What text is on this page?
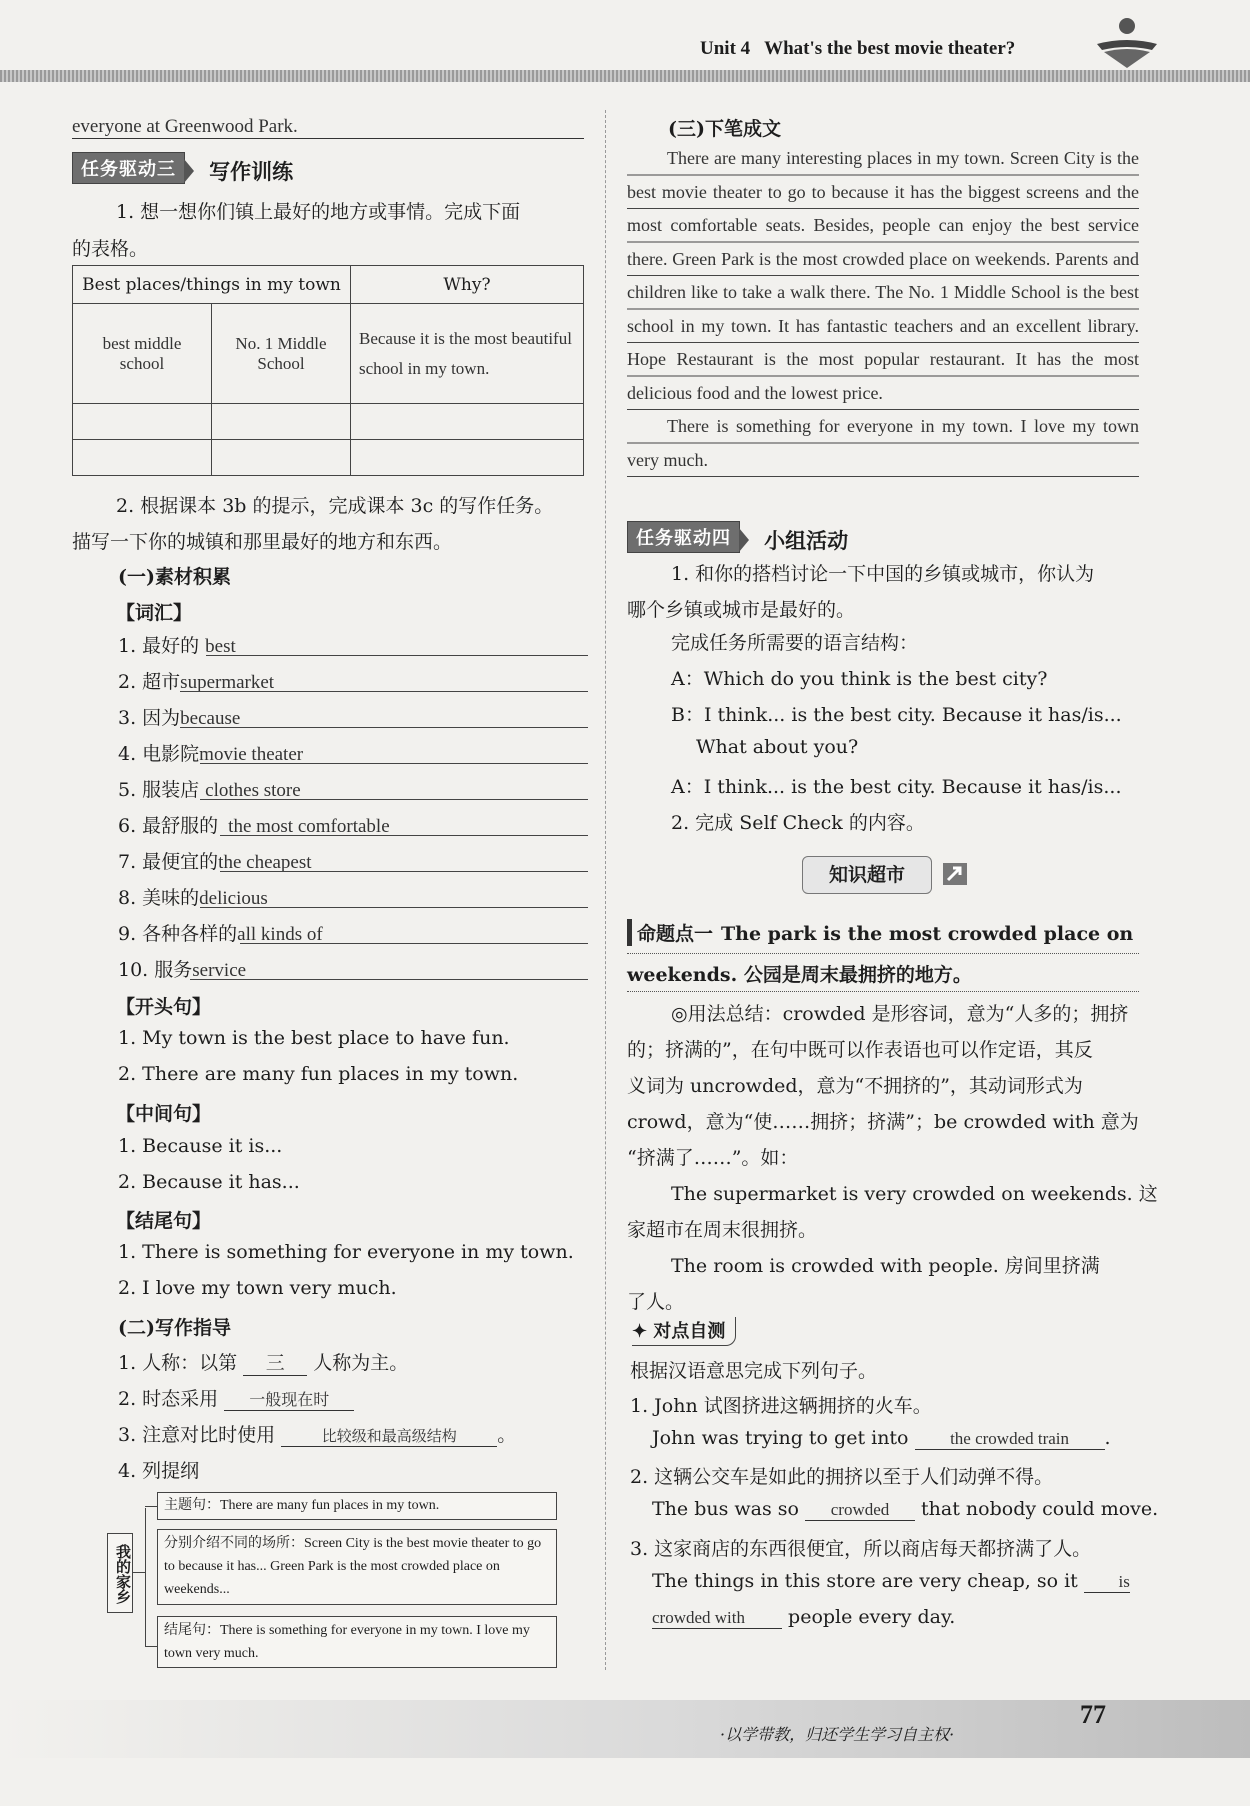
Unit 4 What's the best movie theater?
everyone at Greenwood Park.
任务驱动三 写作训练
1. 想一想你们镇上最好的地方或事情。完成下面
的表格。
Best places/things in my town		Why?
best middle school	No. 1 Middle School	Because it is the most beautiful school in my town.

2. 根据课本 3b 的提示，完成课本 3c 的写作任务。
描写一下你的城镇和那里最好的地方和东西。
(一)素材积累
【词汇】
1. 最好的 best
2. 超市supermarket
3. 因为because
4. 电影院movie theater
5. 服装店 clothes store
6. 最舒服的 the most comfortable
7. 最便宜的the cheapest
8. 美味的delicious
9. 各种各样的all kinds of
10. 服务service
【开头句】
1. My town is the best place to have fun.
2. There are many fun places in my town.
【中间句】
1. Because it is...
2. Because it has...
【结尾句】
1. There is something for everyone in my town.
2. I love my town very much.
(二)写作指导
1. 人称：以第 三 人称为主。
2. 时态采用 一般现在时
3. 注意对比时使用	比较级和最高级结构 。
4. 列提纲
我的家乡
主题句：There are many fun places in my town.
分别介绍不同的场所：Screen City is the best movie theater to go to because it has... Green Park is the most crowded place on weekends...
结尾句：There is something for everyone in my town. I love my town very much.
(三)下笔成文

There are many interesting places in my town. Screen City is the best movie theater to go to because it has the biggest screens and the most comfortable seats. Besides, people can enjoy the best service there. Green Park is the most crowded place on weekends. Parents and children like to take a walk there. The No. 1 Middle School is the best school in my town. It has fantastic teachers and an excellent library. Hope Restaurant is the most popular restaurant. It has the most delicious food and the lowest price.

There is something for everyone in my town. I love my town very much.

任务驱动四 小组活动
1. 和你的搭档讨论一下中国的乡镇或城市，你认为
哪个乡镇或城市是最好的。
完成任务所需要的语言结构：
A：Which do you think is the best city?
B：I think... is the best city. Because it has/is...
What about you?
A：I think... is the best city. Because it has/is...
2. 完成 Self Check 的内容。
知识超市
命题点一 The park is the most crowded place on
weekends. 公园是周末最拥挤的地方。
◎用法总结：crowded 是形容词，意为“人多的；拥挤
的；挤满的”，在句中既可以作表语也可以作定语，其反
义词为 uncrowded，意为“不拥挤的”，其动词形式为
crowd，意为“使……拥挤；挤满”；be crowded with 意为
“挤满了……”。如：
The supermarket is very crowded on weekends. 这
家超市在周末很拥挤。
The room is crowded with people. 房间里挤满
了人。
✦ 对点自测
根据汉语意思完成下列句子。
1. John 试图挤进这辆拥挤的火车。
John was trying to get into the crowded train .
2. 这辆公交车是如此的拥挤以至于人们动弹不得。
The bus was so crowded that nobody could move.
3. 这家商店的东西很便宜，所以商店每天都挤满了人。
The things in this store are very cheap, so it is
crowded with people every day.
·以学带教，归还学生学习自主权·
77
